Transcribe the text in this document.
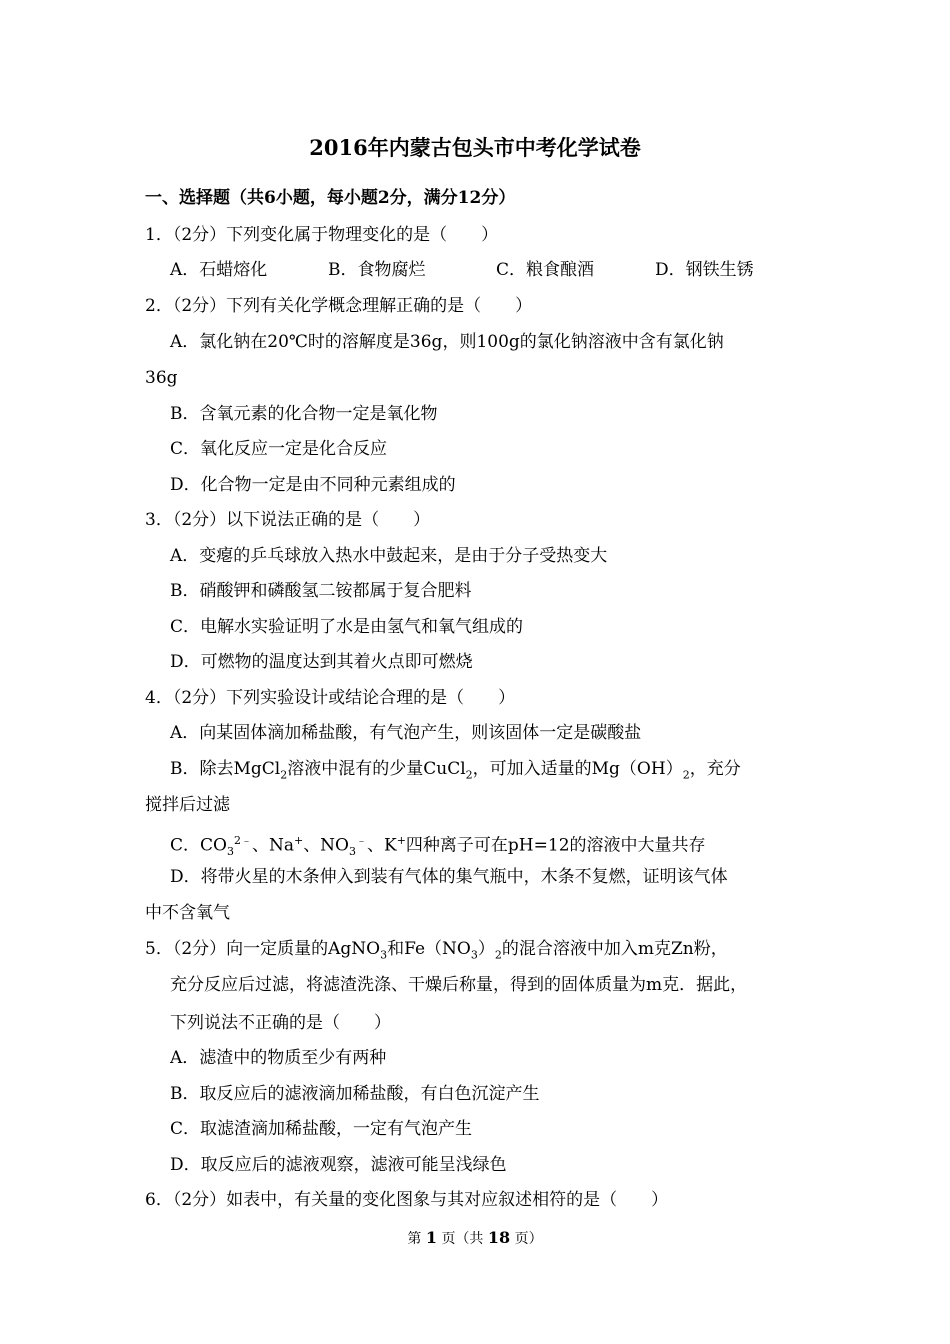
2016年内蒙古包头市中考化学试卷
一、选择题（共6小题，每小题2分，满分12分）
1．（2分）下列变化属于物理变化的是（　　）
A．石蜡熔化	B．食物腐烂	C．粮食酿酒	D．钢铁生锈
2．（2分）下列有关化学概念理解正确的是（　　）
A．氯化钠在20℃时的溶解度是36g，则100g的氯化钠溶液中含有氯化钠
36g
B．含氧元素的化合物一定是氧化物
C．氧化反应一定是化合反应
D．化合物一定是由不同种元素组成的
3．（2分）以下说法正确的是（　　）
A．变瘪的乒乓球放入热水中鼓起来，是由于分子受热变大
B．硝酸钾和磷酸氢二铵都属于复合肥料
C．电解水实验证明了水是由氢气和氧气组成的
D．可燃物的温度达到其着火点即可燃烧
4．（2分）下列实验设计或结论合理的是（　　）
A．向某固体滴加稀盐酸，有气泡产生，则该固体一定是碳酸盐
B．除去MgCl$_2$溶液中混有的少量CuCl$_2$，可加入适量的$Mg(OH)_2$，充分
搅拌后过滤
C．$CO_3^{2﹣}$、Na+、$NO_3^﹣$、K+四种离子可在pH=12的溶液中大量共存
D．将带火星的木条伸入到装有气体的集气瓶中，木条不复燃，证明该气体
中不含氧气
5．（2分）向一定质量的AgNO$_3$和$Fe(NO_3)_2$的混合溶液中加入m克Zn粉，
充分反应后过滤，将滤渣洗涤、干燥后称量，得到的固体质量为m克．据此，
下列说法不正确的是（　　）
A．滤渣中的物质至少有两种
B．取反应后的滤液滴加稀盐酸，有白色沉淀产生
C．取滤渣滴加稀盐酸，一定有气泡产生
D．取反应后的滤液观察，滤液可能呈浅绿色
6．（2分）如表中，有关量的变化图象与其对应叙述相符的是（　　）
第 1 页（共 18 页）
